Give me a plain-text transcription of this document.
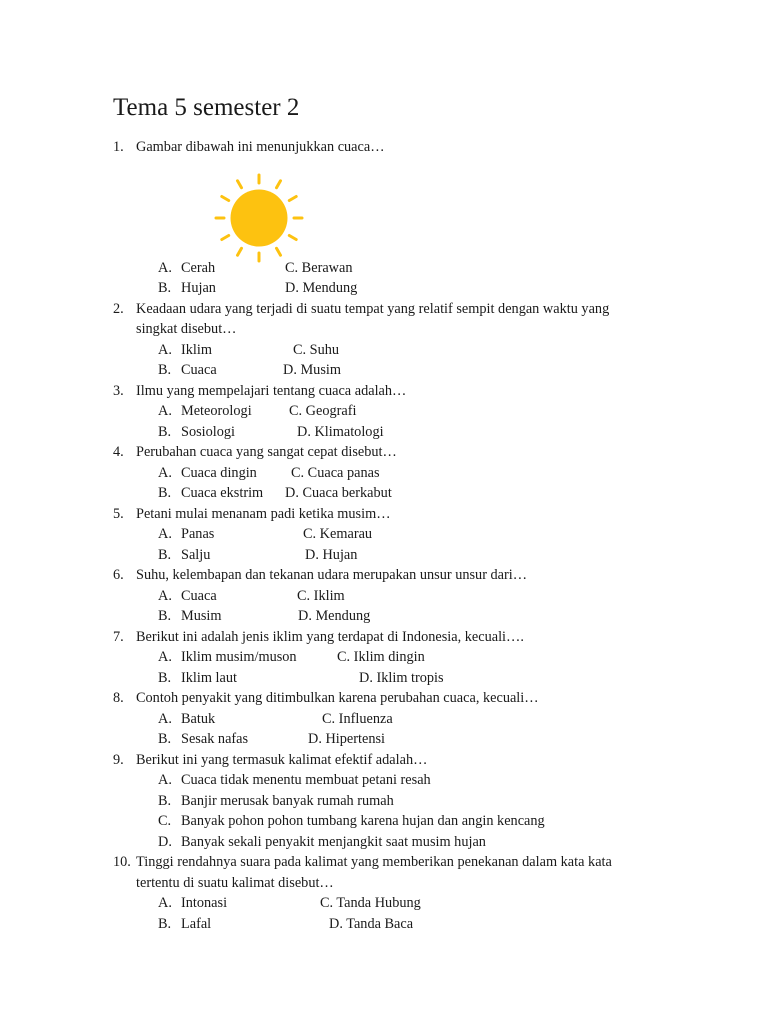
Tema 5 semester 2
1. Gambar dibawah ini menunjukkan cuaca…
A. Cerah	C. Berawan
B. Hujan	D. Mendung
2. Keadaan udara yang terjadi di suatu tempat yang relatif sempit dengan waktu yang
singkat disebut…
A. Iklim	C. Suhu
B. Cuaca	D. Musim
3. Ilmu yang mempelajari tentang cuaca adalah…
A. Meteorologi	C. Geografi
B. Sosiologi	D. Klimatologi
4. Perubahan cuaca yang sangat cepat disebut…
A. Cuaca dingin C. Cuaca panas
B. Cuaca ekstrim D. Cuaca berkabut
5. Petani mulai menanam padi ketika musim…
A. Panas	C. Kemarau
B. Salju	D. Hujan
6. Suhu, kelembapan dan tekanan udara merupakan unsur unsur dari…
A. Cuaca	C. Iklim
B. Musim	D. Mendung
7. Berikut ini adalah jenis iklim yang terdapat di Indonesia, kecuali….
A. Iklim musim/muson	C. Iklim dingin
B. Iklim laut	D. Iklim tropis
8. Contoh penyakit yang ditimbulkan karena perubahan cuaca, kecuali…
A. Batuk	C. Influenza
B. Sesak nafas	D. Hipertensi
9. Berikut ini yang termasuk kalimat efektif adalah…
A. Cuaca tidak menentu membuat petani resah
B. Banjir merusak banyak rumah rumah
C. Banyak pohon pohon tumbang karena hujan dan angin kencang
D. Banyak sekali penyakit menjangkit saat musim hujan
10. Tinggi rendahnya suara pada kalimat yang memberikan penekanan dalam kata kata
tertentu di suatu kalimat disebut…
A. Intonasi	C. Tanda Hubung
B. Lafal	D. Tanda Baca
